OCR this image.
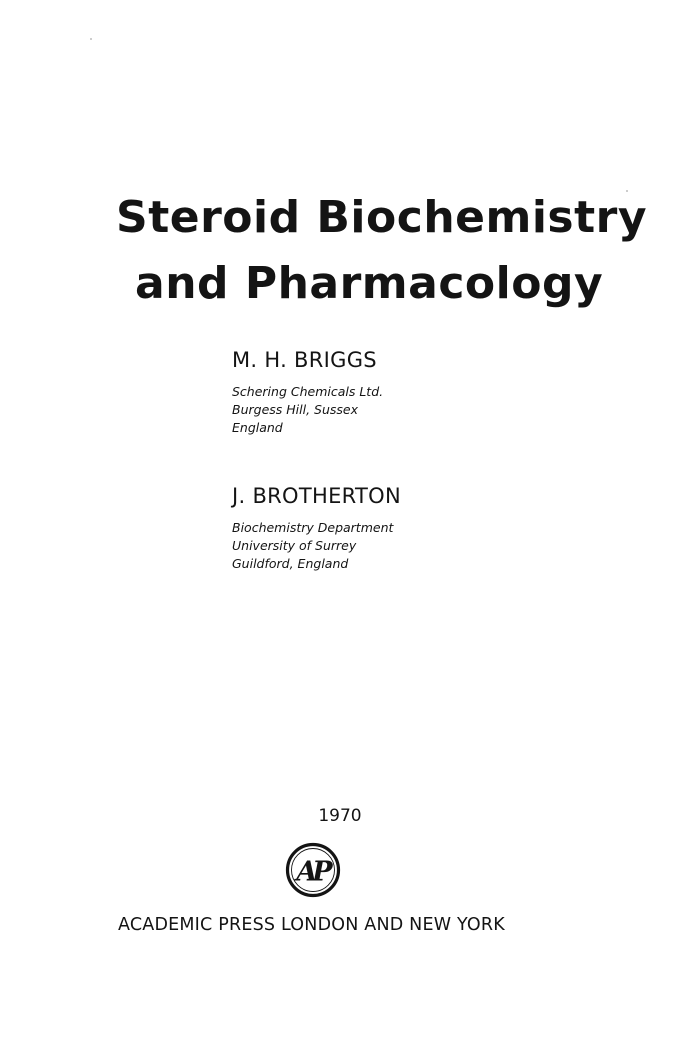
Steroid Biochemistry
and Pharmacology

M. H. BRIGGS

Schering Chemicals Ltd.
Burgess Hill, Sussex
England

J. BROTHERTON

Biochemistry Department
University of Surrey
Guildford, England

1970

AP

ACADEMIC PRESS LONDON AND NEW YORK
